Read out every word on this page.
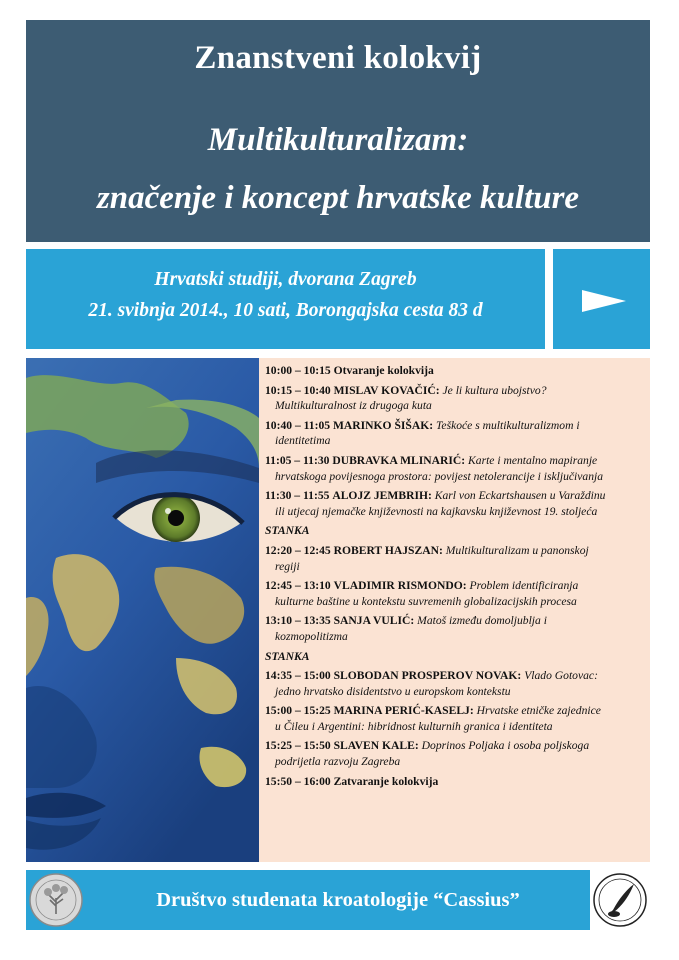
Znanstveni kolokvij
Multikulturalizam:
značenje i koncept hrvatske kulture
Hrvatski studiji, dvorana Zagreb
21. svibnja 2014., 10 sati, Borongajska cesta 83 d
10:00 – 10:15 Otvaranje kolokvija
10:15 – 10:40 MISLAV KOVAČIĆ: Je li kultura ubojstvo?
Multikulturalnost iz drugoga kuta
10:40 – 11:05 MARINKO ŠIŠAK: Teškoće s multikulturalizmom i
identitetima
11:05 – 11:30 DUBRAVKA MLINARIĆ: Karte i mentalno mapiranje
hrvatskoga povijesnoga prostora: povijest netolerancije i isključivanja
11:30 – 11:55 ALOJZ JEMBRIH: Karl von Eckartshausen u Varaždinu
ili utjecaj njemačke književnosti na kajkavsku književnost 19. stoljeća
STANKA
12:20 – 12:45 ROBERT HAJSZAN: Multikulturalizam u panonskoj
regiji
12:45 – 13:10 VLADIMIR RISMONDO: Problem identificiranja
kulturne baštine u kontekstu suvremenih globalizacijskih procesa
13:10 – 13:35 SANJA VULIĆ: Matoš između domoljublja i
kozmopolitizma
STANKA
14:35 – 15:00 SLOBODAN PROSPEROV NOVAK: Vlado Gotovac:
jedno hrvatsko disidentstvo u europskom kontekstu
15:00 – 15:25 MARINA PERIĆ-KASELJ: Hrvatske etničke zajednice
u Čileu i Argentini: hibridnost kulturnih granica i identiteta
15:25 – 15:50 SLAVEN KALE: Doprinos Poljaka i osoba poljskoga
podrijetla razvoju Zagreba
15:50 – 16:00 Zatvaranje kolokvija
Društvo studenata kroatologije “Cassius”
